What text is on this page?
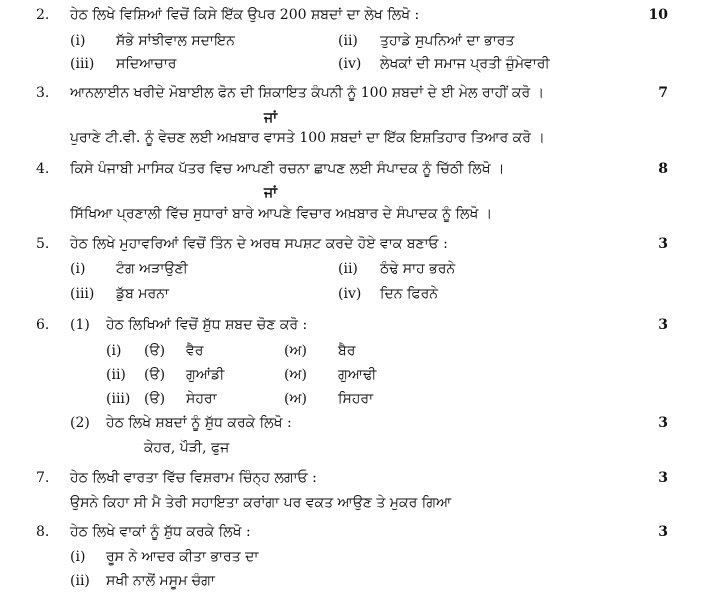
2. ਹੇਠ ਲਿਖੇ ਵਿਸ਼ਿਆਂ ਵਿਚੋਂ ਕਿਸੇ ਇੱਕ ਉਪਰ 200 ਸ਼ਬਦਾਂ ਦਾ ਲੇਖ ਲਿਖੋ :	10
(i) ਸੱਭੇ ਸਾਂਝੀਵਾਲ ਸਦਾਇਨ	(ii) ਤੁਹਾਡੇ ਸੁਪਨਿਆਂ ਦਾ ਭਾਰਤ
(iii) ਸਦਿਆਚਾਰ	(iv) ਲੇਖਕਾਂ ਦੀ ਸਮਾਜ ਪ੍ਰਤੀ ਜ਼ੁੰਮੇਵਾਰੀ
3. ਆਨਲਾਈਨ ਖਰੀਦੇ ਮੋਬਾਈਲ ਫੋਨ ਦੀ ਸ਼ਿਕਾਇਤ ਕੰਪਨੀ ਨੂੰ 100 ਸ਼ਬਦਾਂ ਦੇ ਈ ਮੇਲ ਰਾਹੀਂ ਕਰੋ ।	7
ਜਾਂ
ਪੁਰਾਣੇ ਟੀ.ਵੀ. ਨੂੰ ਵੇਚਣ ਲਈ ਅਖ਼ਬਾਰ ਵਾਸਤੇ 100 ਸ਼ਬਦਾਂ ਦਾ ਇੱਕ ਇਸ਼ਤਿਹਾਰ ਤਿਆਰ ਕਰੋ ।
4. ਕਿਸੇ ਪੰਜਾਬੀ ਮਾਸਿਕ ਪੱਤਰ ਵਿਚ ਆਪਣੀ ਰਚਨਾ ਛਾਪਣ ਲਈ ਸੰਪਾਦਕ ਨੂੰ ਚਿੱਠੀ ਲਿਖੋ ।	8
ਜਾਂ
ਸਿੱਖਿਆ ਪ੍ਰਣਾਲੀ ਵਿੱਚ ਸੁਧਾਰਾਂ ਬਾਰੇ ਆਪਣੇ ਵਿਚਾਰ ਅਖ਼ਬਾਰ ਦੇ ਸੰਪਾਦਕ ਨੂੰ ਲਿਖੋ ।
5. ਹੇਠ ਲਿਖੇ ਮੁਹਾਵਰਿਆਂ ਵਿਚੋਂ ਤਿੰਨ ਦੇ ਅਰਥ ਸਪਸ਼ਟ ਕਰਦੇ ਹੋਏ ਵਾਕ ਬਣਾਓ :	3
(i) ਟੰਗ ਅੜਾਉਣੀ	(ii) ਠੰਢੇ ਸਾਹ ਭਰਨੇ
(iii) ਡੁੱਬ ਮਰਨਾ	(iv) ਦਿਨ ਫਿਰਨੇ
6. (1) ਹੇਠ ਲਿਖਿਆਂ ਵਿਚੋਂ ਸ਼ੁੱਧ ਸ਼ਬਦ ਚੋਣ ਕਰੋ :	3
(i) (ੳ) ਵੈਰ	(ਅ) ਬੈਰ
(ii) (ੳ) ਗੁਆਂਡੀ	(ਅ) ਗੁਆਢੀ
(iii) (ੳ) ਸੇਹਰਾ	(ਅ) ਸਿਹਰਾ
(2) ਹੇਠ ਲਿਖੇ ਸ਼ਬਦਾਂ ਨੂੰ ਸ਼ੁੱਧ ਕਰਕੇ ਲਿਖੋ :	3
ਕੇਹਰ, ਪੌੜੀ, ਫੁਜ
7. ਹੇਠ ਲਿਖੀ ਵਾਰਤਾ ਵਿੱਚ ਵਿਸ਼ਰਾਮ ਚਿੰਨ੍ਹ ਲਗਾਓ :	3
ਉਸਨੇ ਕਿਹਾ ਸੀ ਮੈ ਤੇਰੀ ਸਹਾਇਤਾ ਕਰਾਂਗਾ ਪਰ ਵਕਤ ਆਉਣ ਤੇ ਮੁਕਰ ਗਿਆ
8. ਹੇਠ ਲਿਖੇ ਵਾਕਾਂ ਨੂੰ ਸ਼ੁੱਧ ਕਰਕੇ ਲਿਖੋ :	3
(i) ਰੂਸ ਨੇ ਆਦਰ ਕੀਤਾ ਭਾਰਤ ਦਾ
(ii) ਸਖੀ ਨਾਲੋਂ ਮਸੂਮ ਚੰਗਾ
